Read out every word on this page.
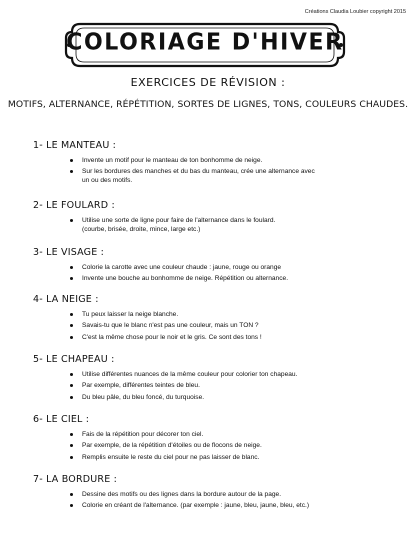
Créations Claudia Loubier copyright 2015
COLORIAGE D'HIVER
EXERCICES DE RÉVISION :
MOTIFS, ALTERNANCE, RÉPÉTITION, SORTES DE LIGNES, TONS, COULEURS CHAUDES.
1- LE MANTEAU :
Invente un motif pour le manteau de ton bonhomme de neige.
Sur les bordures des manches et du bas du manteau, crée une alternance avec
un ou des motifs.
2- LE FOULARD :
Utilise une sorte de ligne pour faire de l'alternance dans le foulard.
(courbe, brisée, droite, mince, large etc.)
3- LE VISAGE :
Colorie la carotte avec une couleur chaude : jaune, rouge ou orange
Invente une bouche au bonhomme de neige. Répétition ou alternance.
4- LA NEIGE :
Tu peux laisser la neige blanche.
Savais-tu que le blanc n'est pas une couleur, mais un TON ?
C'est la même chose pour le noir et le gris. Ce sont des tons !
5- LE CHAPEAU :
Utilise différentes nuances de la même couleur pour colorier ton chapeau.
Par exemple, différentes teintes de bleu.
Du bleu pâle, du bleu foncé, du turquoise.
6- LE CIEL :
Fais de la répétition pour décorer ton ciel.
Par exemple, de la répétition d'étoiles ou de flocons de neige.
Remplis ensuite le reste du ciel pour ne pas laisser de blanc.
7- LA BORDURE :
Dessine des motifs ou des lignes dans la bordure autour de la page.
Colorie en créant de l'alternance. (par exemple : jaune, bleu, jaune, bleu, etc.)
